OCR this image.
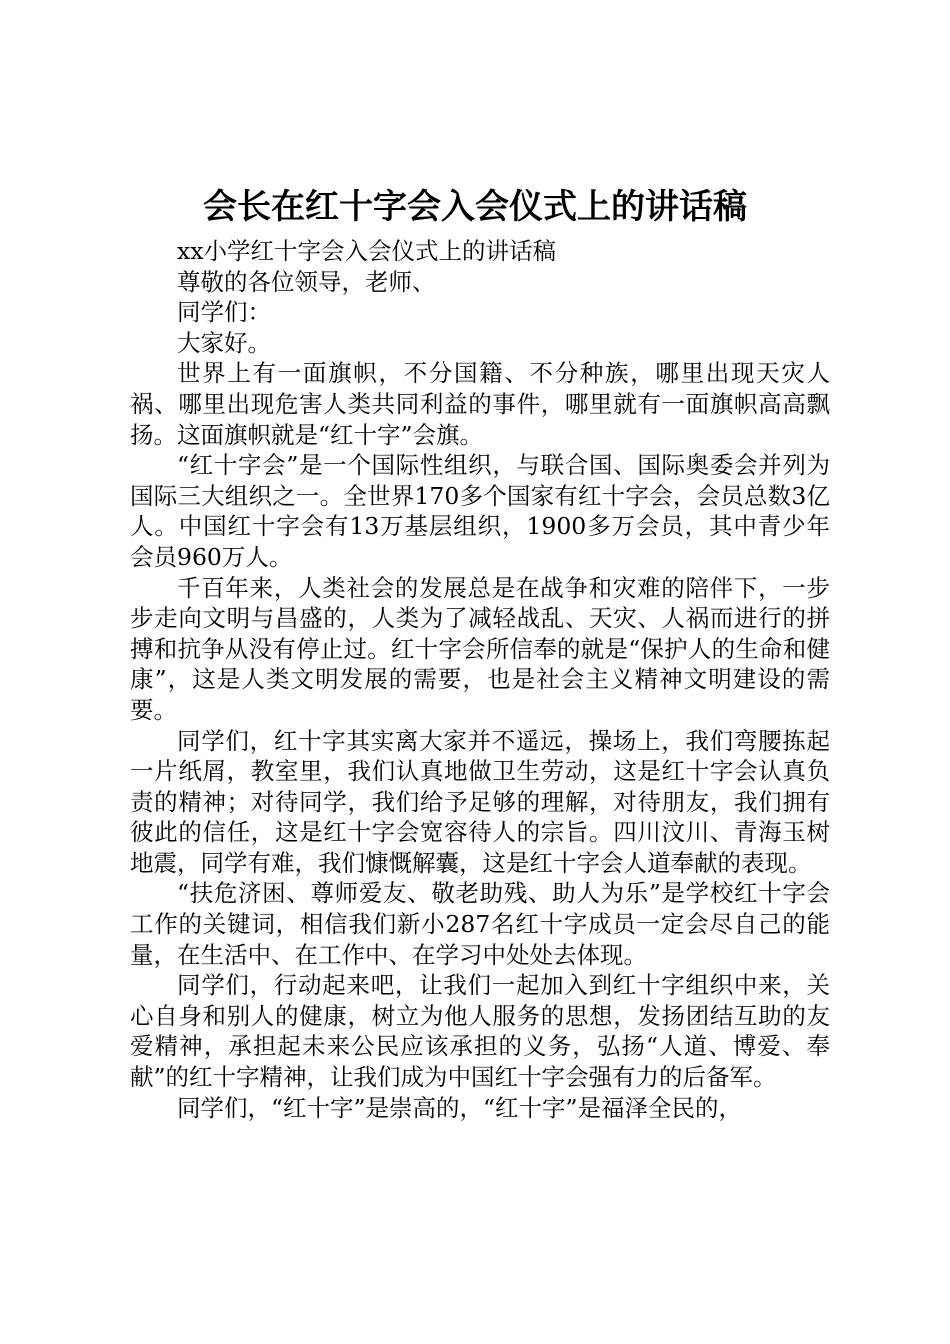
会长在红十字会入会仪式上的讲话稿

xx小学红十字会入会仪式上的讲话稿

尊敬的各位领导，老师、

同学们：

大家好。

世界上有一面旗帜，不分国籍、不分种族，哪里出现天灾人祸、哪里出现危害人类共同利益的事件，哪里就有一面旗帜高高飘扬。这面旗帜就是“红十字”会旗。

“红十字会”是一个国际性组织，与联合国、国际奥委会并列为国际三大组织之一。全世界170多个国家有红十字会，会员总数3亿人。中国红十字会有13万基层组织，1900多万会员，其中青少年会员960万人。

千百年来，人类社会的发展总是在战争和灾难的陪伴下，一步步走向文明与昌盛的，人类为了减轻战乱、天灾、人祸而进行的拼搏和抗争从没有停止过。红十字会所信奉的就是“保护人的生命和健康”，这是人类文明发展的需要，也是社会主义精神文明建设的需要。

同学们，红十字其实离大家并不遥远，操场上，我们弯腰拣起一片纸屑，教室里，我们认真地做卫生劳动，这是红十字会认真负责的精神；对待同学，我们给予足够的理解，对待朋友，我们拥有彼此的信任，这是红十字会宽容待人的宗旨。四川汶川、青海玉树地震，同学有难，我们慷慨解囊，这是红十字会人道奉献的表现。

“扶危济困、尊师爱友、敬老助残、助人为乐”是学校红十字会工作的关键词，相信我们新小287名红十字成员一定会尽自己的能量，在生活中、在工作中、在学习中处处去体现。

同学们，行动起来吧，让我们一起加入到红十字组织中来，关心自身和别人的健康，树立为他人服务的思想，发扬团结互助的友爱精神，承担起未来公民应该承担的义务，弘扬“人道、博爱、奉献”的红十字精神，让我们成为中国红十字会强有力的后备军。

同学们，“红十字”是崇高的，“红十字”是福泽全民的，
